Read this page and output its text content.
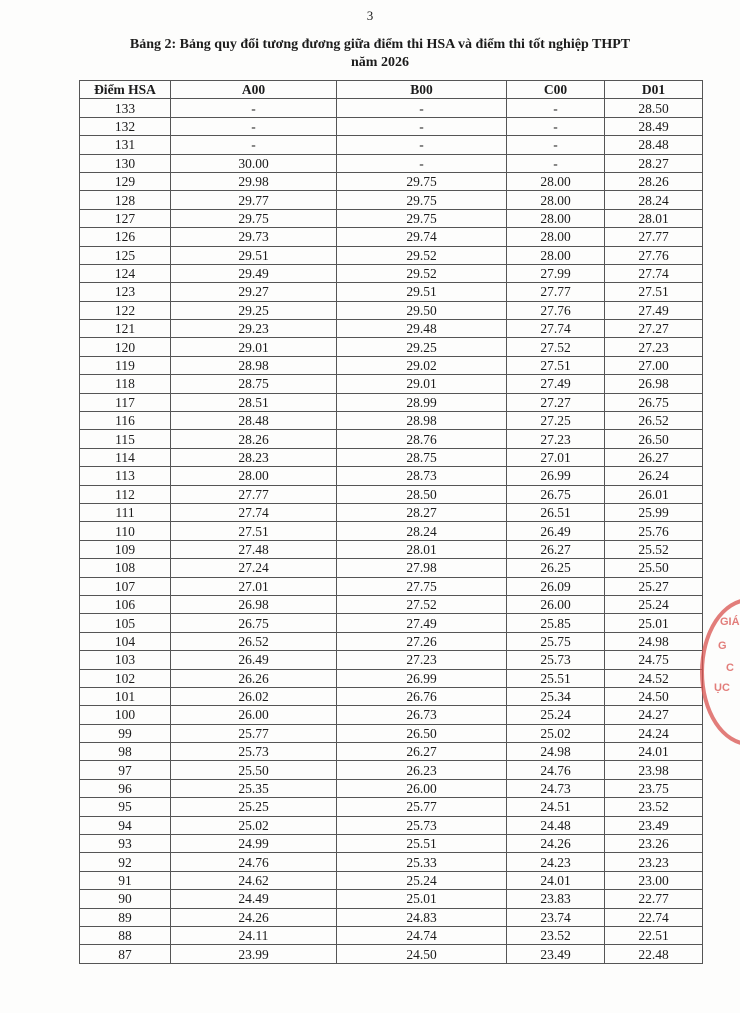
3
Bảng 2: Bảng quy đổi tương đương giữa điểm thi HSA và điểm thi tốt nghiệp THPT
năm 2026
Điểm HSA	A00	B00	C00	D01
133	-	-	-	28.50
132	-	-	-	28.49
131	-	-	-	28.48
130	30.00	-	-	28.27
129	29.98	29.75	28.00	28.26
128	29.77	29.75	28.00	28.24
127	29.75	29.75	28.00	28.01
126	29.73	29.74	28.00	27.77
125	29.51	29.52	28.00	27.76
124	29.49	29.52	27.99	27.74
123	29.27	29.51	27.77	27.51
122	29.25	29.50	27.76	27.49
121	29.23	29.48	27.74	27.27
120	29.01	29.25	27.52	27.23
119	28.98	29.02	27.51	27.00
118	28.75	29.01	27.49	26.98
117	28.51	28.99	27.27	26.75
116	28.48	28.98	27.25	26.52
115	28.26	28.76	27.23	26.50
114	28.23	28.75	27.01	26.27
113	28.00	28.73	26.99	26.24
112	27.77	28.50	26.75	26.01
111	27.74	28.27	26.51	25.99
110	27.51	28.24	26.49	25.76
109	27.48	28.01	26.27	25.52
108	27.24	27.98	26.25	25.50
107	27.01	27.75	26.09	25.27
106	26.98	27.52	26.00	25.24
105	26.75	27.49	25.85	25.01
104	26.52	27.26	25.75	24.98
103	26.49	27.23	25.73	24.75
102	26.26	26.99	25.51	24.52
101	26.02	26.76	25.34	24.50
100	26.00	26.73	25.24	24.27
99	25.77	26.50	25.02	24.24
98	25.73	26.27	24.98	24.01
97	25.50	26.23	24.76	23.98
96	25.35	26.00	24.73	23.75
95	25.25	25.77	24.51	23.52
94	25.02	25.73	24.48	23.49
93	24.99	25.51	24.26	23.26
92	24.76	25.33	24.23	23.23
91	24.62	25.24	24.01	23.00
90	24.49	25.01	23.83	22.77
89	24.26	24.83	23.74	22.74
88	24.11	24.74	23.52	22.51
87	23.99	24.50	23.49	22.48
GIÁ
G
C
ỤC
